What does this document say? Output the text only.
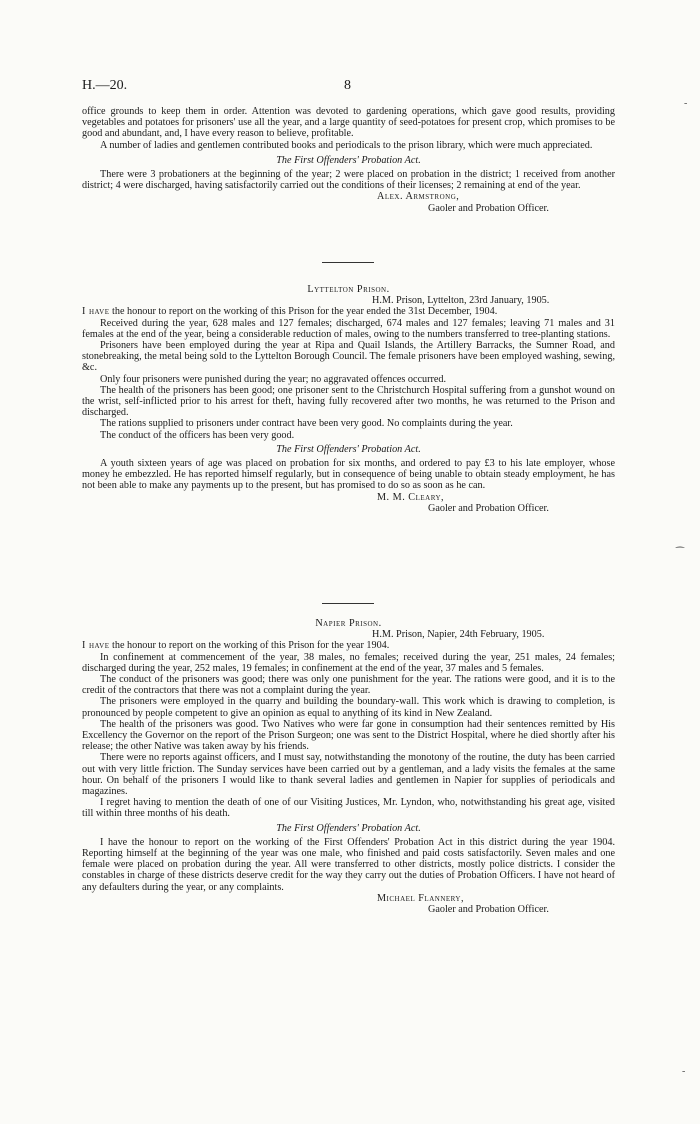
-
⁀
-
H.—20.	8

office grounds to keep them in order. Attention was devoted to gardening operations, which gave good results, providing vegetables and potatoes for prisoners' use all the year, and a large quantity of seed-potatoes for present crop, which promises to be good and abundant, and, I have every reason to believe, profitable.

A number of ladies and gentlemen contributed books and periodicals to the prison library, which were much appreciated.

The First Offenders' Probation Act.

There were 3 probationers at the beginning of the year; 2 were placed on probation in the district; 1 received from another district; 4 were discharged, having satisfactorily carried out the conditions of their licenses; 2 remaining at end of the year.

Alex. Armstrong,

Gaoler and Probation Officer.

Lyttelton Prison.

H.M. Prison, Lyttelton, 23rd January, 1905.

I have the honour to report on the working of this Prison for the year ended the 31st December, 1904.

Received during the year, 628 males and 127 females; discharged, 674 males and 127 females; leaving 71 males and 31 females at the end of the year, being a considerable reduction of males, owing to the numbers transferred to tree-planting stations.

Prisoners have been employed during the year at Ripa and Quail Islands, the Artillery Barracks, the Sumner Road, and stonebreaking, the metal being sold to the Lyttelton Borough Council. The female prisoners have been employed washing, sewing, &c.

Only four prisoners were punished during the year; no aggravated offences occurred.

The health of the prisoners has been good; one prisoner sent to the Christchurch Hospital suffering from a gunshot wound on the wrist, self-inflicted prior to his arrest for theft, having fully recovered after two months, he was returned to the Prison and discharged.

The rations supplied to prisoners under contract have been very good. No complaints during the year.

The conduct of the officers has been very good.

The First Offenders' Probation Act.

A youth sixteen years of age was placed on probation for six months, and ordered to pay £3 to his late employer, whose money he embezzled. He has reported himself regularly, but in consequence of being unable to obtain steady employment, he has not been able to make any payments up to the present, but has promised to do so as soon as he can.

M. M. Cleary,

Gaoler and Probation Officer.

Napier Prison.

H.M. Prison, Napier, 24th February, 1905.

I have the honour to report on the working of this Prison for the year 1904.

In confinement at commencement of the year, 38 males, no females; received during the year, 251 males, 24 females; discharged during the year, 252 males, 19 females; in confinement at the end of the year, 37 males and 5 females.

The conduct of the prisoners was good; there was only one punishment for the year. The rations were good, and it is to the credit of the contractors that there was not a complaint during the year.

The prisoners were employed in the quarry and building the boundary-wall. This work which is drawing to completion, is pronounced by people competent to give an opinion as equal to anything of its kind in New Zealand.

The health of the prisoners was good. Two Natives who were far gone in consumption had their sentences remitted by His Excellency the Governor on the report of the Prison Surgeon; one was sent to the District Hospital, where he died shortly after his release; the other Native was taken away by his friends.

There were no reports against officers, and I must say, notwithstanding the monotony of the routine, the duty has been carried out with very little friction. The Sunday services have been carried out by a gentleman, and a lady visits the females at the same hour. On behalf of the prisoners I would like to thank several ladies and gentlemen in Napier for supplies of periodicals and magazines.

I regret having to mention the death of one of our Visiting Justices, Mr. Lyndon, who, notwithstanding his great age, visited till within three months of his death.

The First Offenders' Probation Act.

I have the honour to report on the working of the First Offenders' Probation Act in this district during the year 1904. Reporting himself at the beginning of the year was one male, who finished and paid costs satisfactorily. Seven males and one female were placed on probation during the year. All were transferred to other districts, mostly police districts. I consider the constables in charge of these districts deserve credit for the way they carry out the duties of Probation Officers. I have not heard of any defaulters during the year, or any complaints.

Michael Flannery,

Gaoler and Probation Officer.
